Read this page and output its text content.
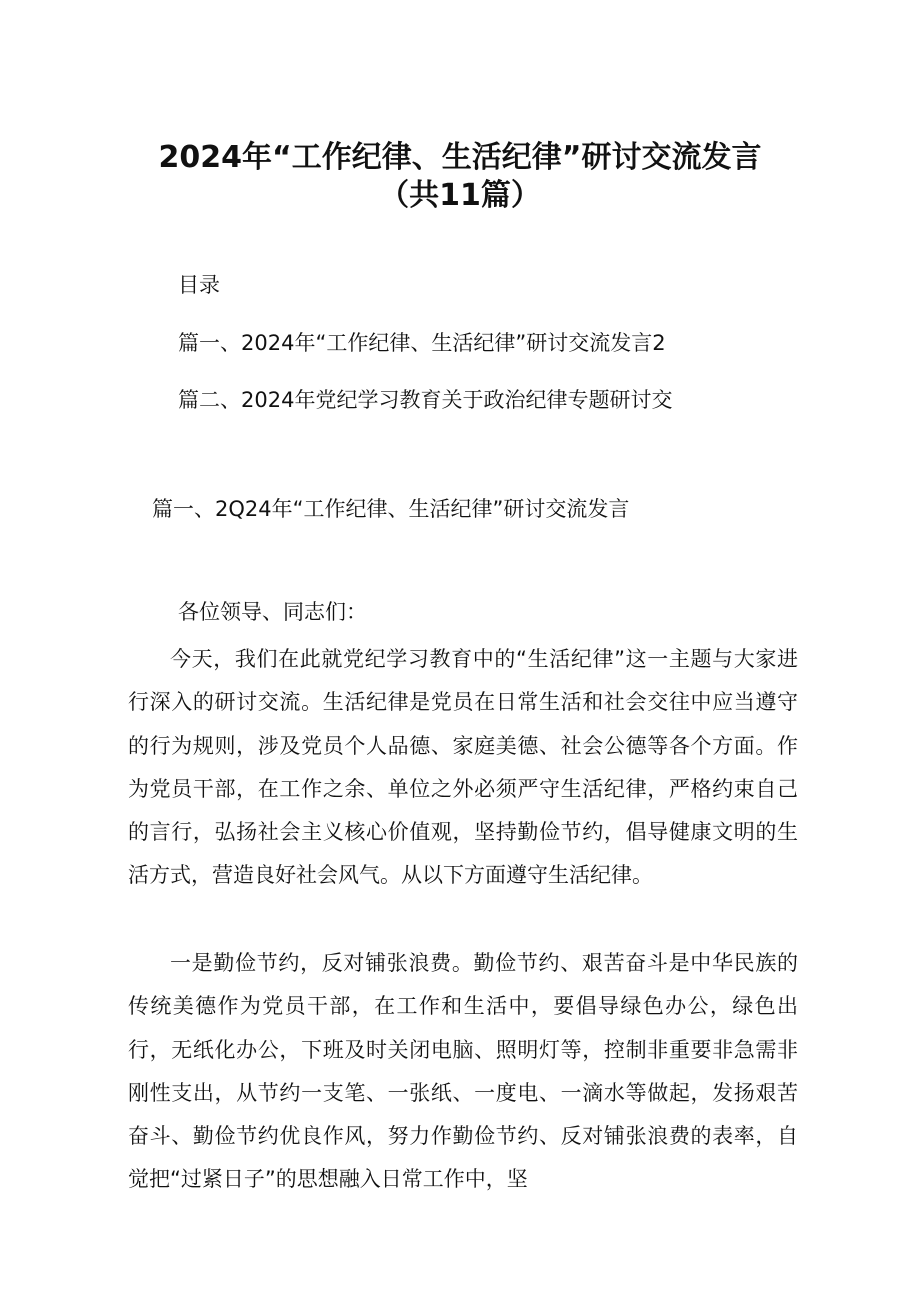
2024年“工作纪律、生活纪律”研讨交流发言
（共11篇）
目录
篇一、2024年“工作纪律、生活纪律”研讨交流发言2
篇二、2024年党纪学习教育关于政治纪律专题研讨交
篇一、2Q24年“工作纪律、生活纪律”研讨交流发言
各位领导、同志们：

今天，我们在此就党纪学习教育中的“生活纪律”这一主题与大家进行深入的研讨交流。生活纪律是党员在日常生活和社会交往中应当遵守的行为规则，涉及党员个人品德、家庭美德、社会公德等各个方面。作为党员干部，在工作之余、单位之外必须严守生活纪律，严格约束自己的言行，弘扬社会主义核心价值观，坚持勤俭节约，倡导健康文明的生活方式，营造良好社会风气。从以下方面遵守生活纪律。

一是勤俭节约，反对铺张浪费。勤俭节约、艰苦奋斗是中华民族的传统美德作为党员干部，在工作和生活中，要倡导绿色办公，绿色出行，无纸化办公，下班及时关闭电脑、照明灯等，控制非重要非急需非刚性支出，从节约一支笔、一张纸、一度电、一滴水等做起，发扬艰苦奋斗、勤俭节约优良作风，努力作勤俭节约、反对铺张浪费的表率，自觉把“过紧日子”的思想融入日常工作中，坚
